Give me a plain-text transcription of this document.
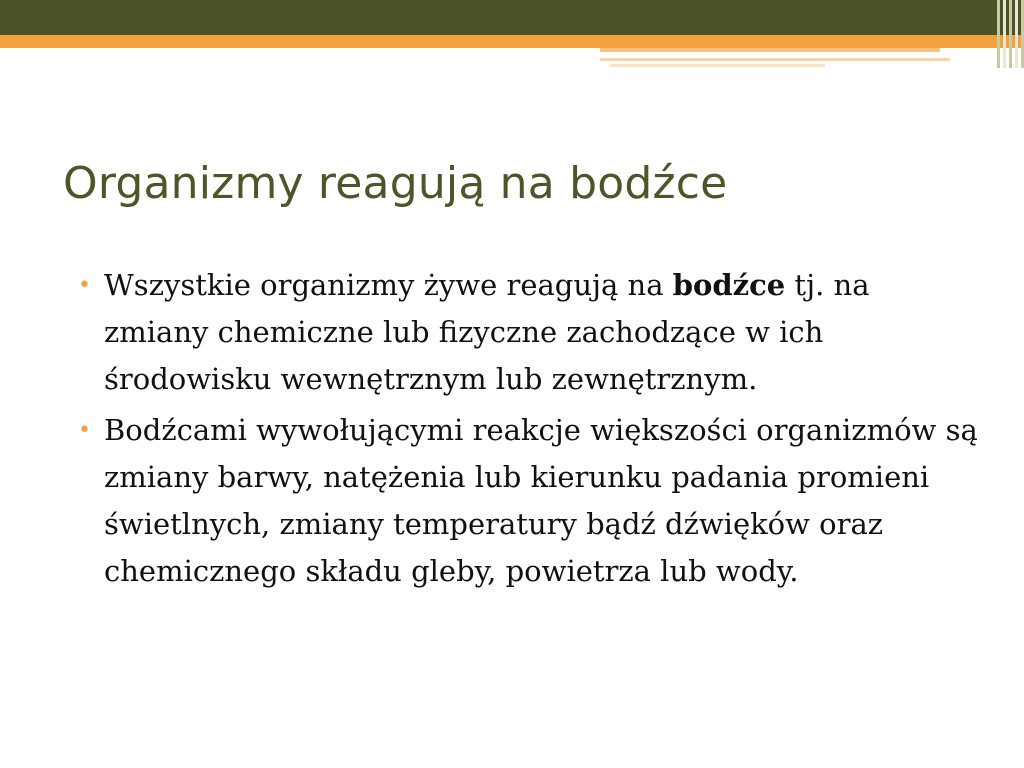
Organizmy reagują na bodźce
• Wszystkie organizmy żywe reagują na bodźce tj. na zmiany chemiczne lub fizyczne zachodzące w ich środowisku wewnętrznym lub zewnętrznym.
• Bodźcami wywołującymi reakcje większości organizmów są zmiany barwy, natężenia lub kierunku padania promieni świetlnych, zmiany temperatury bądź dźwięków oraz chemicznego składu gleby, powietrza lub wody.
